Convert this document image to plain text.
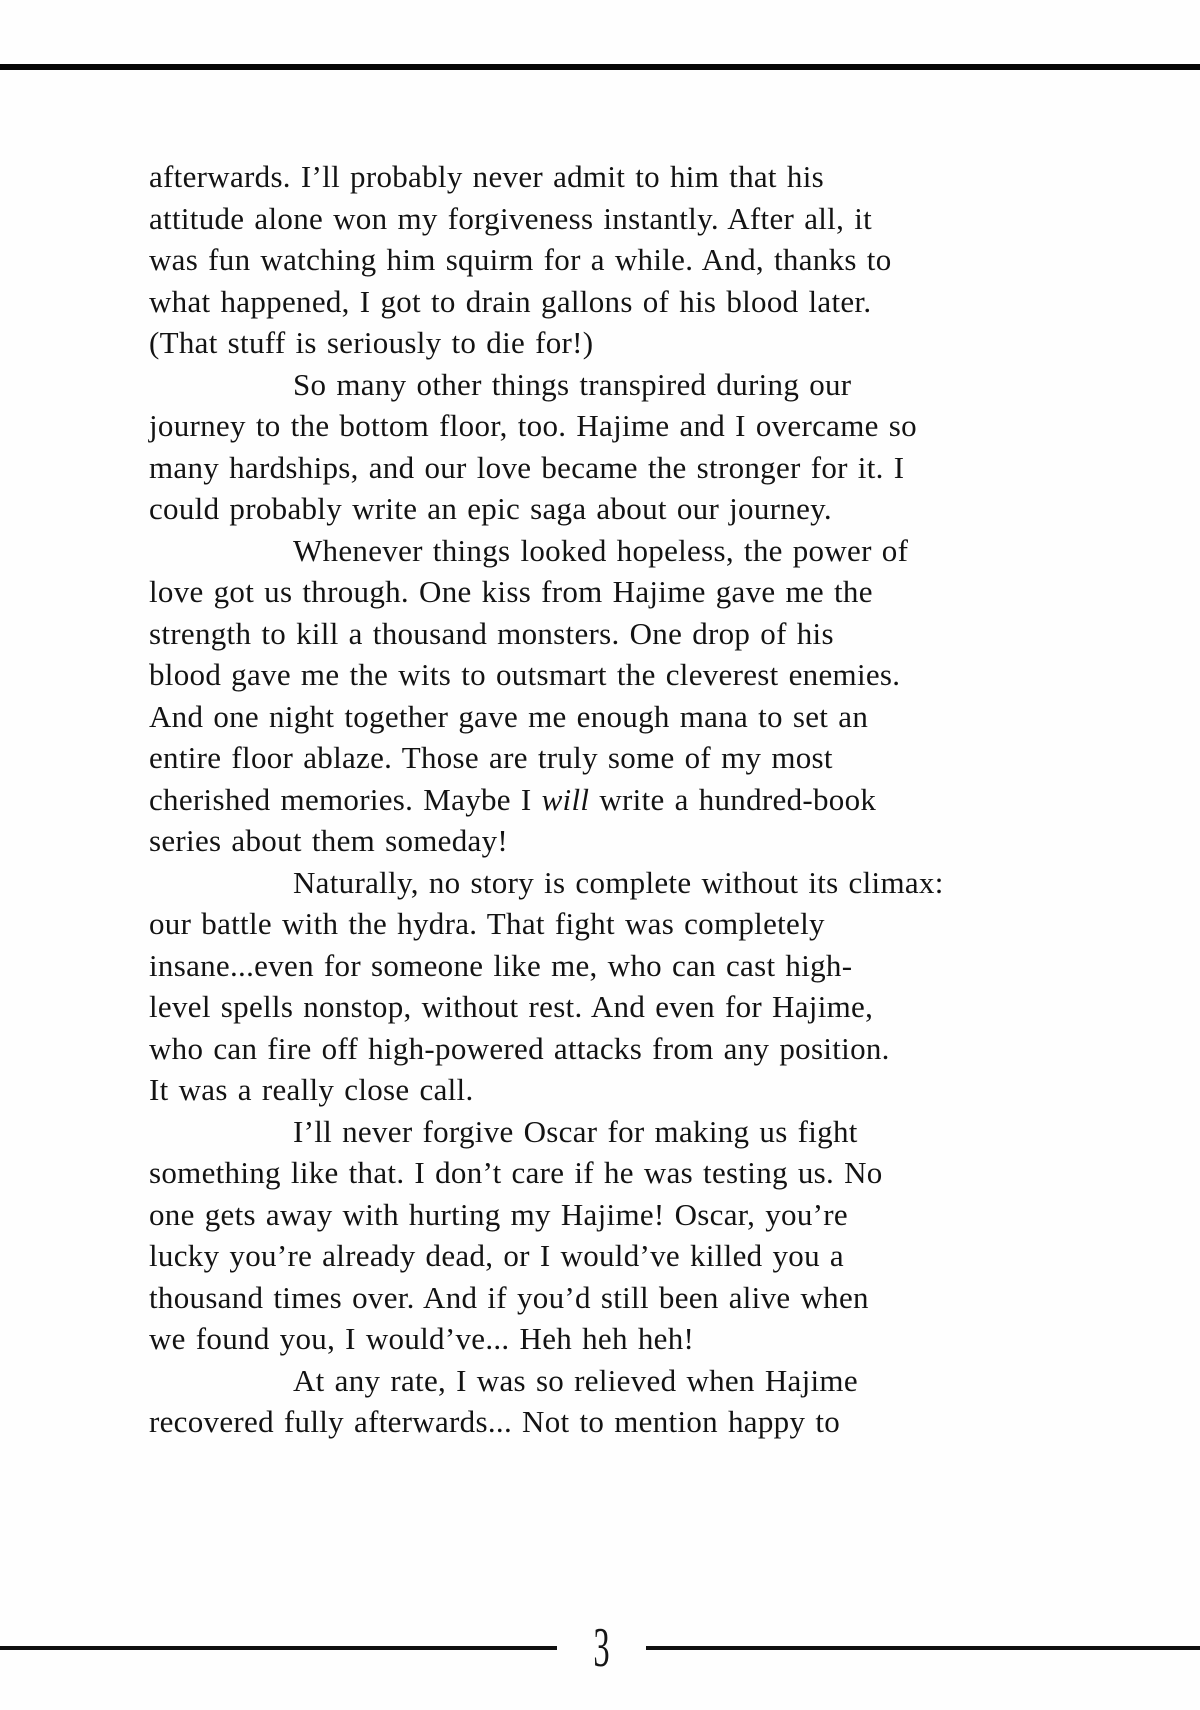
afterwards. I’ll probably never admit to him that his
attitude alone won my forgiveness instantly. After all, it
was fun watching him squirm for a while. And, thanks to
what happened, I got to drain gallons of his blood later.
(That stuff is seriously to die for!)
So many other things transpired during our
journey to the bottom floor, too. Hajime and I overcame so
many hardships, and our love became the stronger for it. I
could probably write an epic saga about our journey.
Whenever things looked hopeless, the power of
love got us through. One kiss from Hajime gave me the
strength to kill a thousand monsters. One drop of his
blood gave me the wits to outsmart the cleverest enemies.
And one night together gave me enough mana to set an
entire floor ablaze. Those are truly some of my most
cherished memories. Maybe I will write a hundred-book
series about them someday!
Naturally, no story is complete without its climax:
our battle with the hydra. That fight was completely
insane...even for someone like me, who can cast high-
level spells nonstop, without rest. And even for Hajime,
who can fire off high-powered attacks from any position.
It was a really close call.
I’ll never forgive Oscar for making us fight
something like that. I don’t care if he was testing us. No
one gets away with hurting my Hajime! Oscar, you’re
lucky you’re already dead, or I would’ve killed you a
thousand times over. And if you’d still been alive when
we found you, I would’ve... Heh heh heh!
At any rate, I was so relieved when Hajime
recovered fully afterwards... Not to mention happy to
3
